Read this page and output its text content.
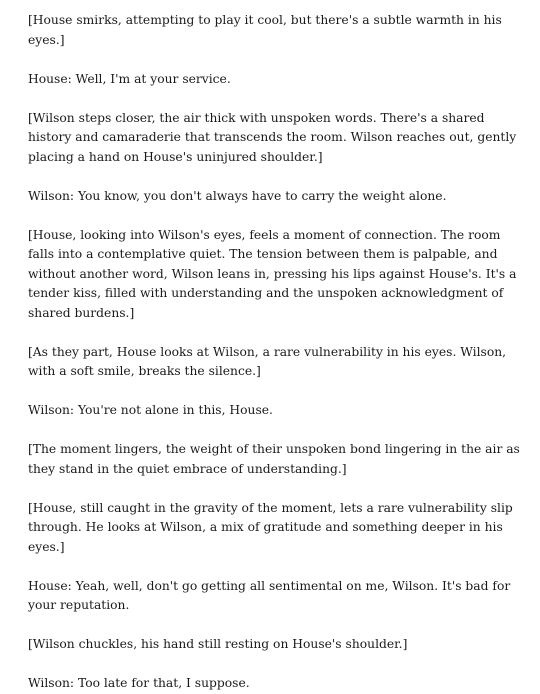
[House smirks, attempting to play it cool, but there's a subtle warmth in his eyes.]

House: Well, I'm at your service.

[Wilson steps closer, the air thick with unspoken words. There's a shared history and camaraderie that transcends the room. Wilson reaches out, gently placing a hand on House's uninjured shoulder.]

Wilson: You know, you don't always have to carry the weight alone.

[House, looking into Wilson's eyes, feels a moment of connection. The room falls into a contemplative quiet. The tension between them is palpable, and without another word, Wilson leans in, pressing his lips against House's. It's a tender kiss, filled with understanding and the unspoken acknowledgment of shared burdens.]

[As they part, House looks at Wilson, a rare vulnerability in his eyes. Wilson, with a soft smile, breaks the silence.]

Wilson: You're not alone in this, House.

[The moment lingers, the weight of their unspoken bond lingering in the air as they stand in the quiet embrace of understanding.]

[House, still caught in the gravity of the moment, lets a rare vulnerability slip through. He looks at Wilson, a mix of gratitude and something deeper in his eyes.]

House: Yeah, well, don't go getting all sentimental on me, Wilson. It's bad for your reputation.

[Wilson chuckles, his hand still resting on House's shoulder.]

Wilson: Too late for that, I suppose.
